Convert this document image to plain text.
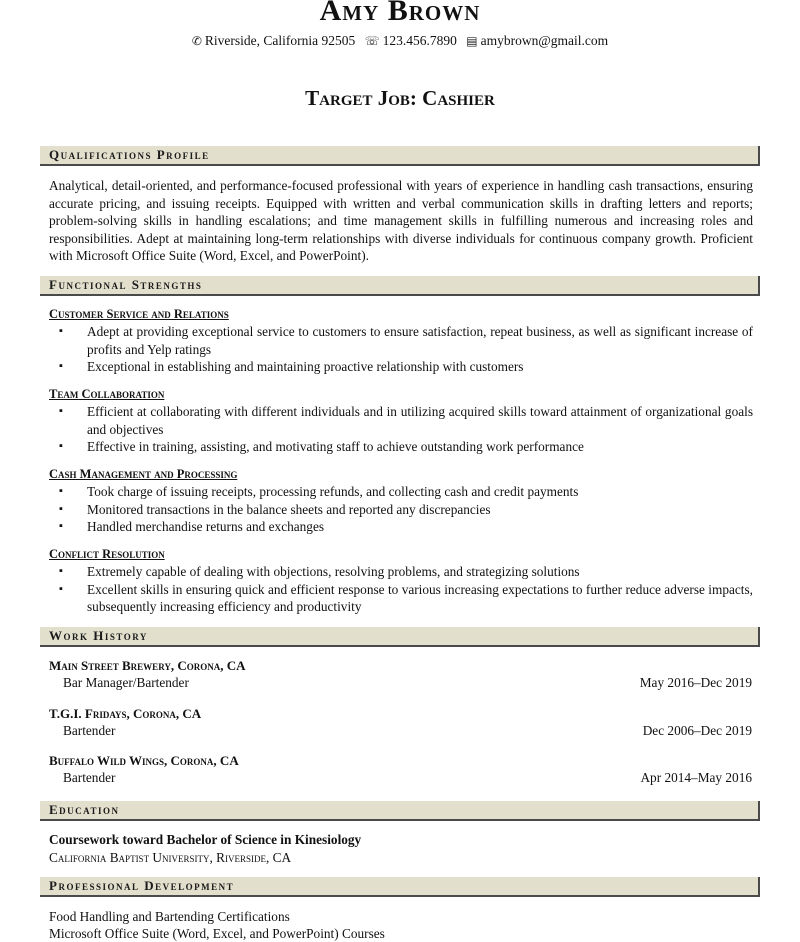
Amy Brown
✆ Riverside, California 92505 ☏ 123.456.7890 ▤ amybrown@gmail.com
Target Job: Cashier
Qualifications Profile
Analytical, detail-oriented, and performance-focused professional with years of experience in handling cash transactions, ensuring accurate pricing, and issuing receipts. Equipped with written and verbal communication skills in drafting letters and reports; problem-solving skills in handling escalations; and time management skills in fulfilling numerous and increasing roles and responsibilities. Adept at maintaining long-term relationships with diverse individuals for continuous company growth. Proficient with Microsoft Office Suite (Word, Excel, and PowerPoint).
Functional Strengths
Customer Service and Relations
▪ Adept at providing exceptional service to customers to ensure satisfaction, repeat business, as well as significant increase of profits and Yelp ratings
▪ Exceptional in establishing and maintaining proactive relationship with customers
Team Collaboration
▪ Efficient at collaborating with different individuals and in utilizing acquired skills toward attainment of organizational goals and objectives
▪ Effective in training, assisting, and motivating staff to achieve outstanding work performance
Cash Management and Processing
▪ Took charge of issuing receipts, processing refunds, and collecting cash and credit payments
▪ Monitored transactions in the balance sheets and reported any discrepancies
▪ Handled merchandise returns and exchanges
Conflict Resolution
▪ Extremely capable of dealing with objections, resolving problems, and strategizing solutions
▪ Excellent skills in ensuring quick and efficient response to various increasing expectations to further reduce adverse impacts, subsequently increasing efficiency and productivity
Work History
Main Street Brewery, Corona, CA
Bar Manager/Bartender	May 2016–Dec 2019
T.G.I. Fridays, Corona, CA
Bartender	Dec 2006–Dec 2019
Buffalo Wild Wings, Corona, CA
Bartender	Apr 2014–May 2016
Education
Coursework toward Bachelor of Science in Kinesiology
California Baptist University, Riverside, CA
Professional Development
Food Handling and Bartending Certifications
Microsoft Office Suite (Word, Excel, and PowerPoint) Courses
